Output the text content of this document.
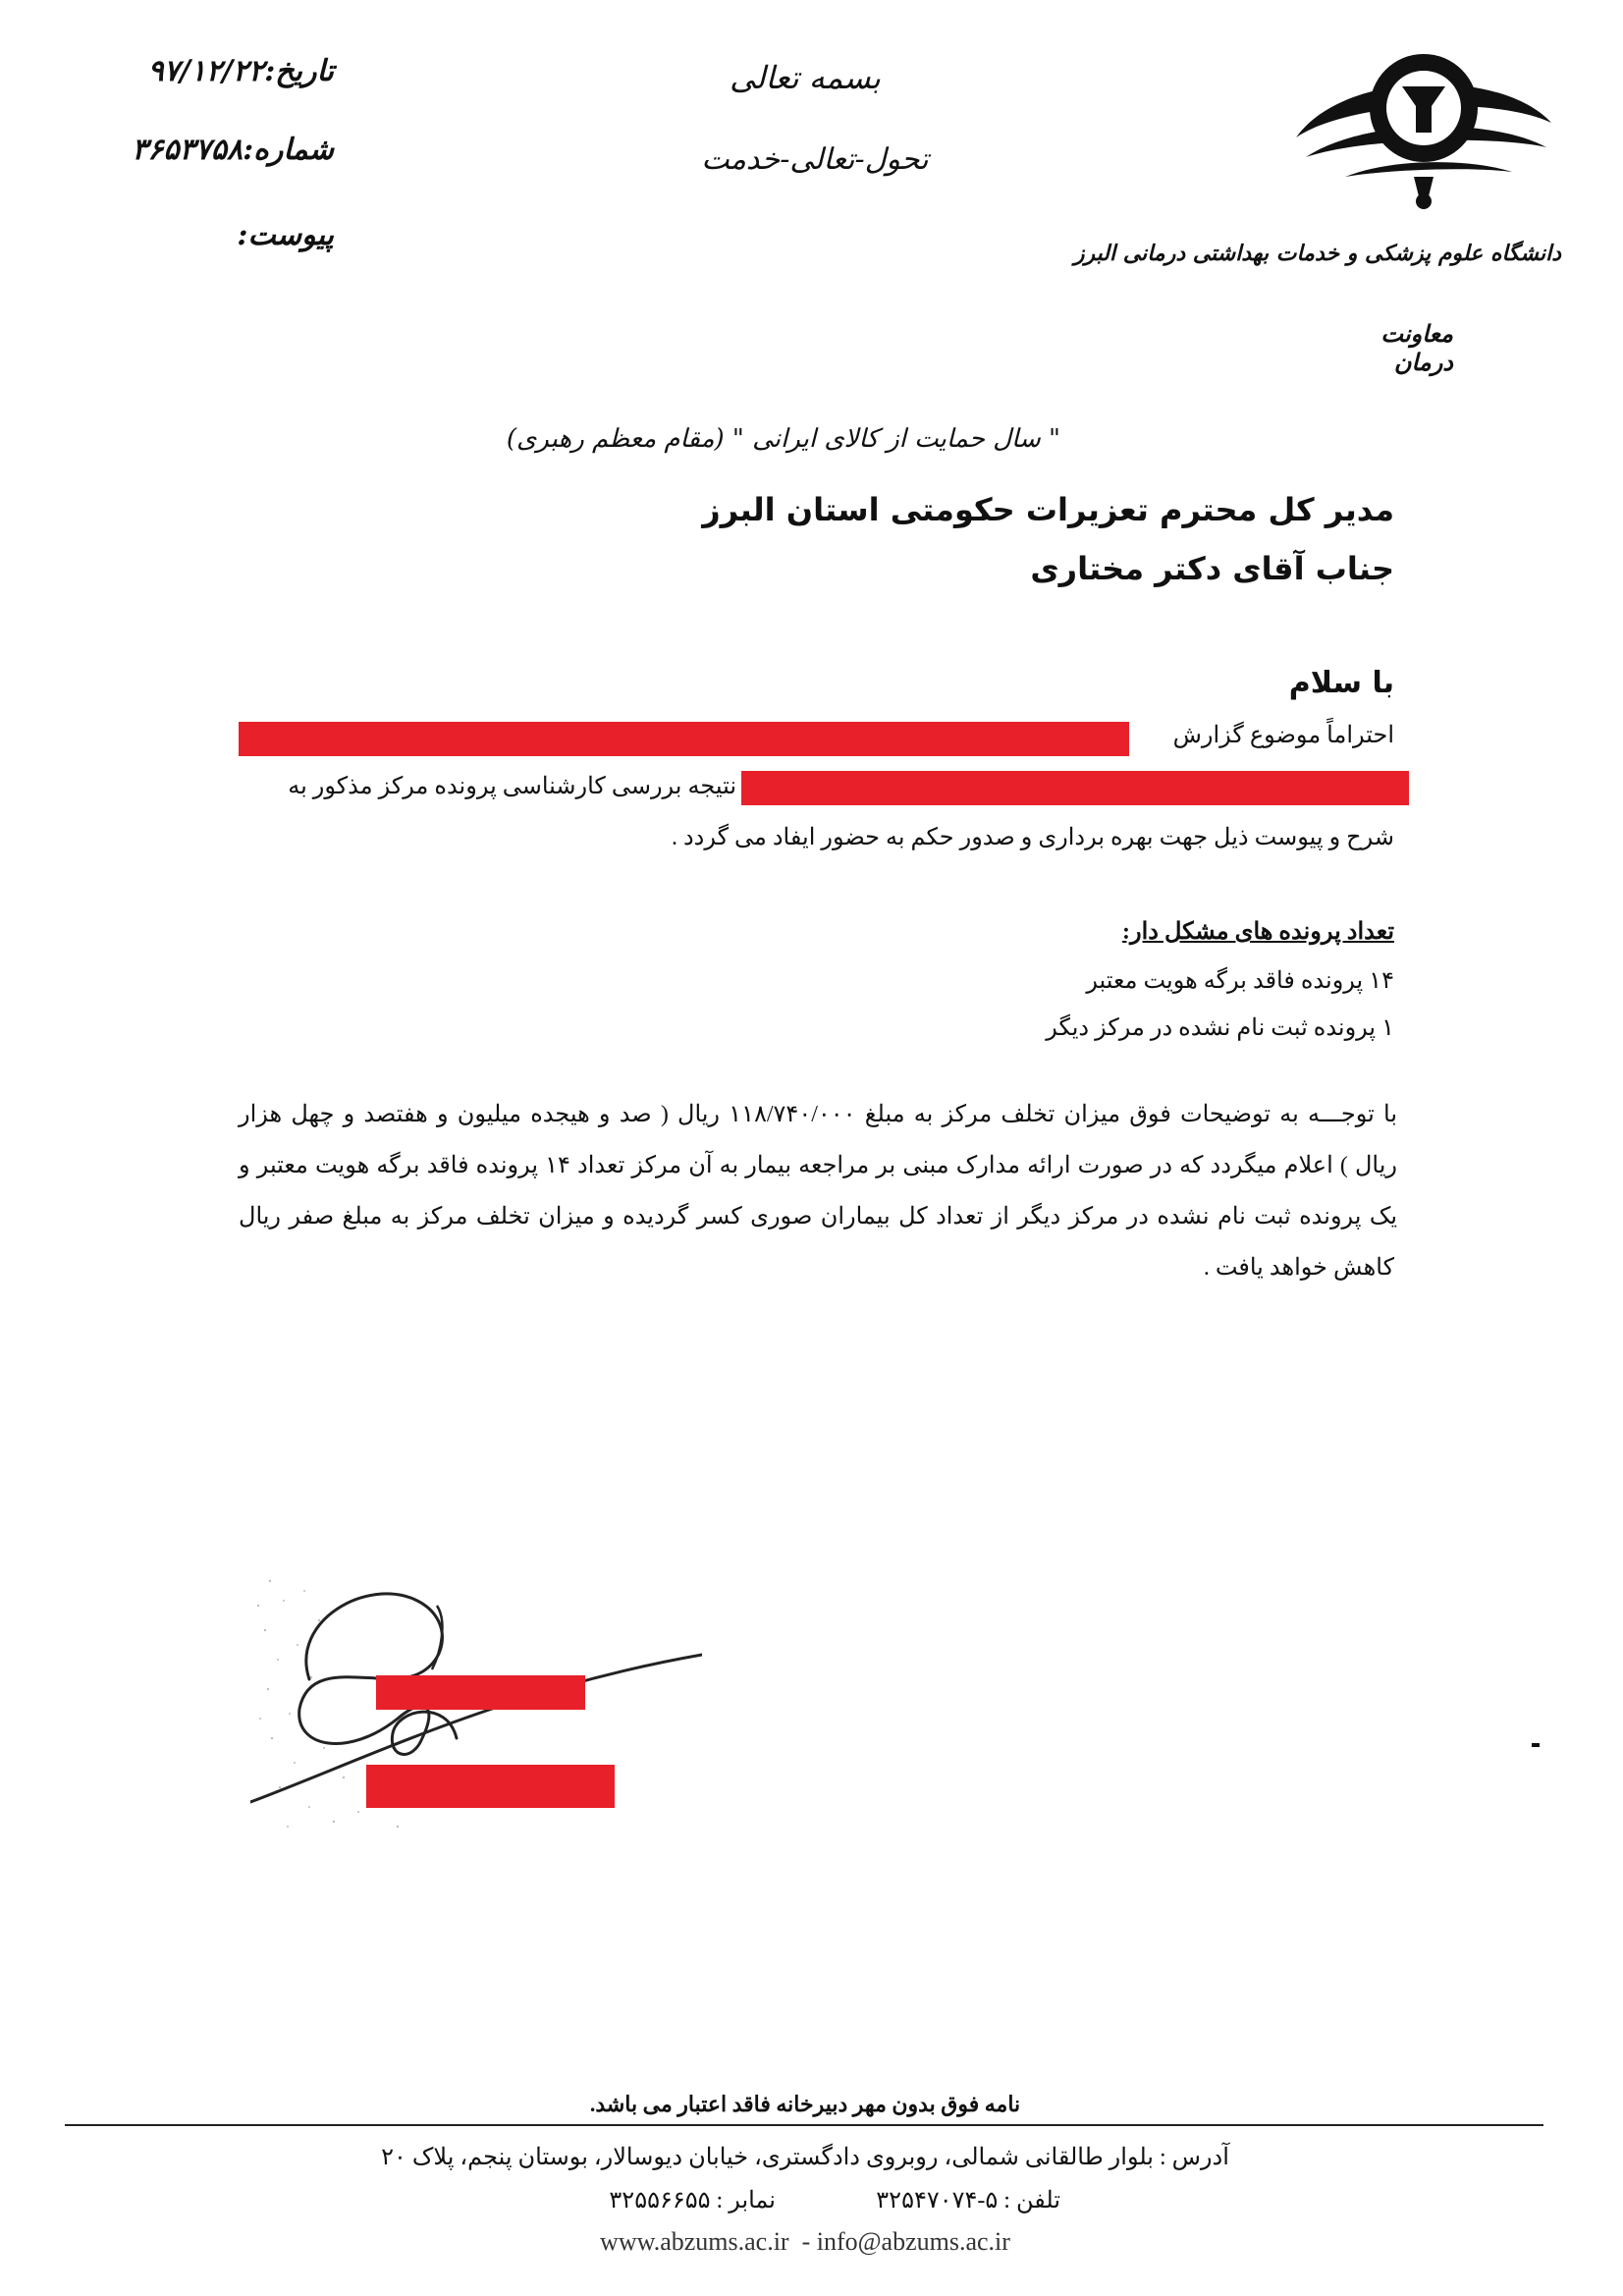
تاریخ:۹۷/۱۲/۲۲
شماره:۳۶۵۳۷۵۸
پیوست:
بسمه تعالی
تحول-تعالی-خدمت
دانشگاه علوم پزشکی و خدمات بهداشتی درمانی البرز
معاونت درمان
" سال حمایت از کالای ایرانی " (مقام معظم رهبری)
مدیر کل محترم تعزیرات حکومتی استان البرز
جناب آقای دکتر مختاری
با سلام
احتراماً موضوع گزارش
نتیجه بررسی کارشناسی پرونده مرکز مذکور به
شرح و پیوست ذیل جهت بهره برداری و صدور حکم به حضور ایفاد می گردد .
تعداد پرونده های مشکل دار:
۱۴ پرونده فاقد برگه هویت معتبر
۱ پرونده ثبت نام نشده در مرکز دیگر
با توجـــه به توضیحات فوق میزان تخلف مرکز به مبلغ ۱۱۸/۷۴۰/۰۰۰ ریال ( صد و هیجده میلیون و هفتصد و چهل هزار
ریال ) اعلام میگردد که در صورت ارائه مدارک مبنی بر مراجعه بیمار به آن مرکز تعداد ۱۴ پرونده فاقد برگه هویت معتبر و
یک پرونده ثبت نام نشده در مرکز دیگر از تعداد کل بیماران صوری کسر گردیده و میزان تخلف مرکز به مبلغ صفر ریال
کاهش خواهد یافت .
نامه فوق بدون مهر دبیرخانه فاقد اعتبار می باشد.
آدرس : بلوار طالقانی شمالی، روبروی دادگستری، خیابان دیوسالار، بوستان پنجم، پلاک ۲۰
تلفن : ۵-۳۲۵۴۷۰۷۴
نمابر : ۳۲۵۵۶۶۵۵
www.abzums.ac.ir  - info@abzums.ac.ir
